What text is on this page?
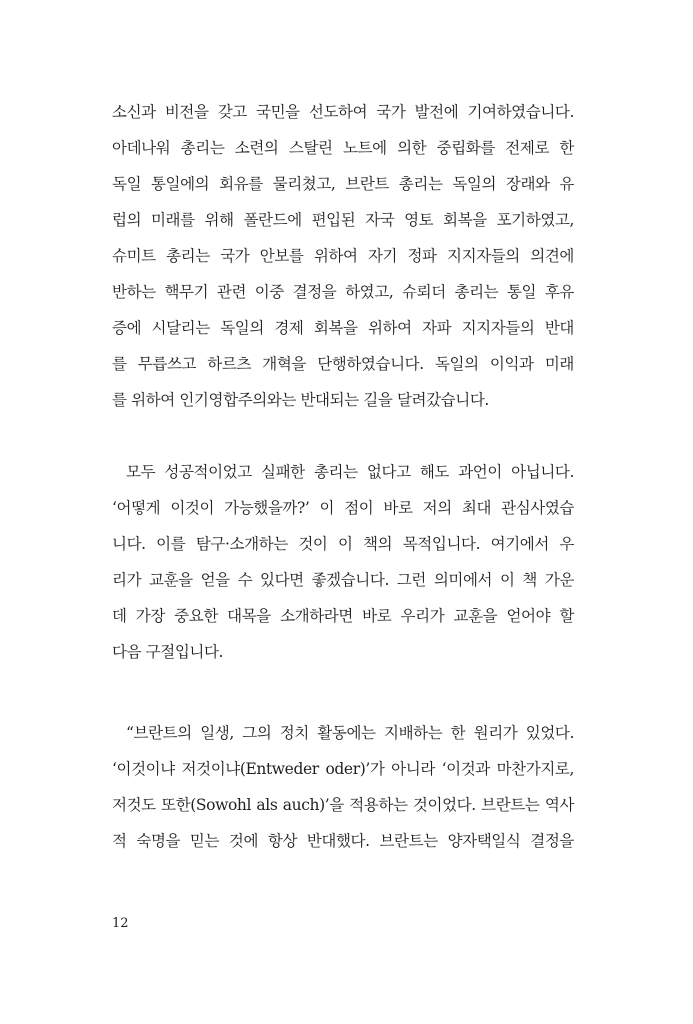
소신과 비전을 갖고 국민을 선도하여 국가 발전에 기여하였습니다.
아데나워 총리는 소련의 스탈린 노트에 의한 중립화를 전제로 한
독일 통일에의 회유를 물리쳤고, 브란트 총리는 독일의 장래와 유
럽의 미래를 위해 폴란드에 편입된 자국 영토 회복을 포기하였고,
슈미트 총리는 국가 안보를 위하여 자기 정파 지지자들의 의견에
반하는 핵무기 관련 이중 결정을 하였고, 슈뢰더 총리는 통일 후유
증에 시달리는 독일의 경제 회복을 위하여 자파 지지자들의 반대
를 무릅쓰고 하르츠 개혁을 단행하였습니다. 독일의 이익과 미래
를 위하여 인기영합주의와는 반대되는 길을 달려갔습니다.
모두 성공적이었고 실패한 총리는 없다고 해도 과언이 아닙니다.
‘어떻게 이것이 가능했을까?’ 이 점이 바로 저의 최대 관심사였습
니다. 이를 탐구·소개하는 것이 이 책의 목적입니다. 여기에서 우
리가 교훈을 얻을 수 있다면 좋겠습니다. 그런 의미에서 이 책 가운
데 가장 중요한 대목을 소개하라면 바로 우리가 교훈을 얻어야 할
다음 구절입니다.
“브란트의 일생, 그의 정치 활동에는 지배하는 한 원리가 있었다.
‘이것이냐 저것이냐(Entweder oder)’가 아니라 ‘이것과 마찬가지로,
저것도 또한(Sowohl als auch)’을 적용하는 것이었다. 브란트는 역사
적 숙명을 믿는 것에 항상 반대했다. 브란트는 양자택일식 결정을
12
